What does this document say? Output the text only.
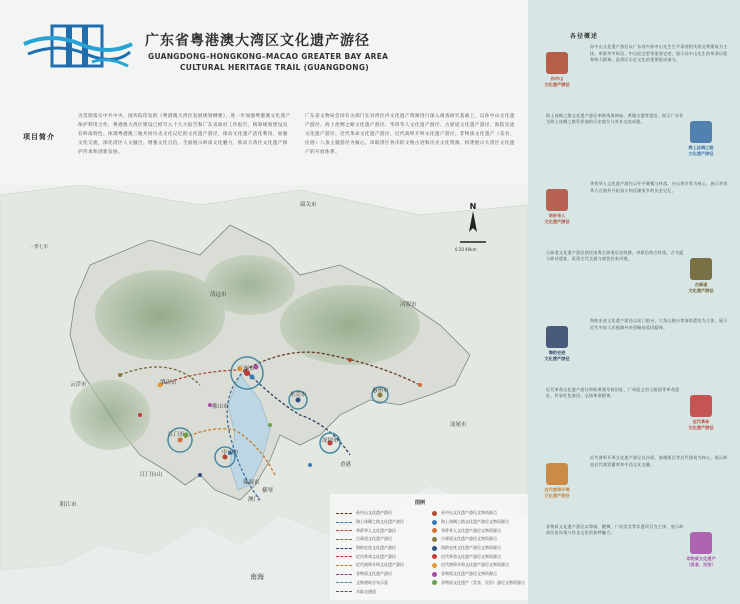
广东省粤港澳大湾区文化遗产游径
GUANGDONG–HONGKONG–MACAO GREATER BAY AREA
CULTURAL HERITAGE TRAIL (GUANGDONG)
项目简介
为贯彻落实中共中央、国务院印发的《粤港澳大湾区发展规划纲要》，进一步加强粤港澳文化遗产保护利用合作，粤港澳大湾区建设已经写入十九大报告和广东省政府工作报告，统筹规划建设具有岭南特色、体现粤港澳三地共同历史文化记忆的文化遗产游径，推动文化遗产活化利用，加强文化交流，深化湾区人文融合，增强文化自信，全面展示岭南文化魅力，推动大湾区文化遗产保护传承和创新发展。
广东省文物局会同有关部门在对湾区内文化遗产资源进行深入调查研究基础上，以孙中山文化遗产游径、海上丝绸之路文化遗产游径、华侨华人文化遗产游径、古驿道文化遗产游径、海防史迹文化遗产游径、近代革命文化遗产游径、近代商埠开埠文化遗产游径、非物质文化遗产（美食、民俗）八条主题游径为核心，串联湾区各市的文物古迹和历史文化资源，构建展示大湾区文化遗产的开放体系。
肇庆市
广州市
佛山市
东莞市
惠州市
深圳市
江门市
中山市
珠海市
香港
澳门
阳江市
云浮市
清远市
河源市
汕尾市
韶关市
江门台山
横琴
南海
一带七市
N
0 20 40km
图例
孙中山文化遗产游径
海上丝绸之路文化遗产游径
华侨华人文化遗产游径
古驿道文化遗产游径
海防史迹文化遗产游径
近代革命文化遗产游径
近代商埠开埠文化遗产游径
非物质文化遗产游径
文物建筑分布示意
水陆交通道
孙中山文化遗产游径文物资源点
海上丝绸之路文化遗产游径文物资源点
华侨华人文化遗产游径文物资源点
古驿道文化遗产游径文物资源点
海防史迹文化遗产游径文物资源点
近代革命文化遗产游径文物资源点
近代商埠开埠文化遗产游径文物资源点
非物质文化遗产游径文物资源点
非物质文化遗产（美食、民俗）游径文物资源点
各径概述
孙中山文化遗产游径以广东省内孙中山先生生平事迹相关的文物建筑为主体，串联翠亨故居、中山纪念堂等重要史迹，展示孙中山先生的革命历程和伟大精神，是湾区历史文化的重要组成部分。
孙中山
文化遗产游径
海上丝绸之路文化遗产游径串联南海神庙、黄埔古港等遗址，展示广东作为海上丝绸之路发祥地的历史地位与对外交流成就。
海上丝绸之路
文化遗产游径
华侨华人文化遗产游径以开平碉楼与村落、台山侨乡等为核心，展示华侨华人在海外开拓奋斗和反哺家乡的历史记忆。
华侨华人
文化遗产游径
古驿道文化遗产游径依托南粤古驿道历史线路，串联沿线古村落、古关隘与驿站遗址，再现古代交通与商贸往来风貌。
古驿道
文化遗产游径
海防史迹文化遗产游径以虎门炮台、大角山炮台等海防遗址为主体，展示近代中国人民抵御外来侵略的爱国精神。
海防史迹
文化遗产游径
近代革命文化遗产游径串联黄埔军校旧址、广州起义烈士陵园等革命遗址，传承红色基因，弘扬革命精神。
近代革命
文化遗产游径
近代商埠开埠文化遗产游径以沙面、骑楼街区等近代建筑为核心，展示岭南近代商贸繁荣和中西文化交融。
近代商埠开埠
文化遗产游径
非物质文化遗产游径以粤剧、醒狮、广府美食等非遗项目为主体，展示岭南民俗风情与饮食文化的独特魅力。
非物质文化遗产
（美食、民俗）
